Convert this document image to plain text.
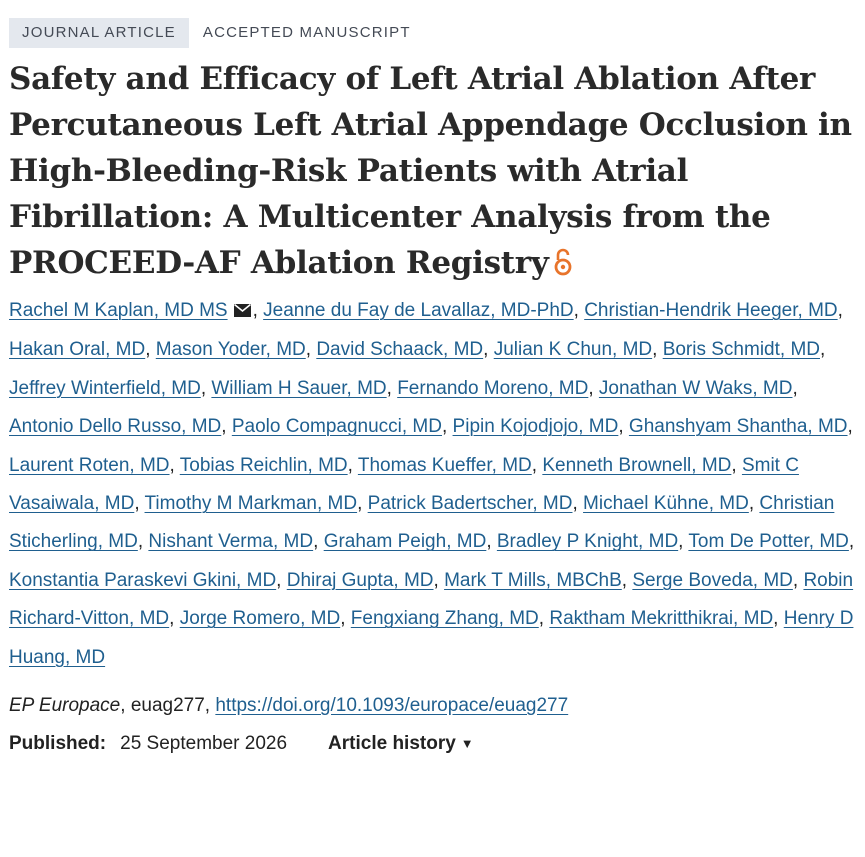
JOURNAL ARTICLE	ACCEPTED MANUSCRIPT
Safety and Efficacy of Left Atrial Ablation After Percutaneous Left Atrial Appendage Occlusion in High-Bleeding-Risk Patients with Atrial Fibrillation: A Multicenter Analysis from the PROCEED-AF Ablation Registry
Rachel M Kaplan, MD MS , Jeanne du Fay de Lavallaz, MD-PhD, Christian-Hendrik Heeger, MD, Hakan Oral, MD, Mason Yoder, MD, David Schaack, MD, Julian K Chun, MD, Boris Schmidt, MD, Jeffrey Winterfield, MD, William H Sauer, MD, Fernando Moreno, MD, Jonathan W Waks, MD, Antonio Dello Russo, MD, Paolo Compagnucci, MD, Pipin Kojodjojo, MD, Ghanshyam Shantha, MD, Laurent Roten, MD, Tobias Reichlin, MD, Thomas Kueffer, MD, Kenneth Brownell, MD, Smit C Vasaiwala, MD, Timothy M Markman, MD, Patrick Badertscher, MD, Michael Kühne, MD, Christian Sticherling, MD, Nishant Verma, MD, Graham Peigh, MD, Bradley P Knight, MD, Tom De Potter, MD, Konstantia Paraskevi Gkini, MD, Dhiraj Gupta, MD, Mark T Mills, MBChB, Serge Boveda, MD, Robin Richard-Vitton, MD, Jorge Romero, MD, Fengxiang Zhang, MD, Raktham Mekritthikrai, MD, Henry D Huang, MD
EP Europace, euag277, https://doi.org/10.1093/europace/euag277
Published: 25 September 2026 Article history ▼
